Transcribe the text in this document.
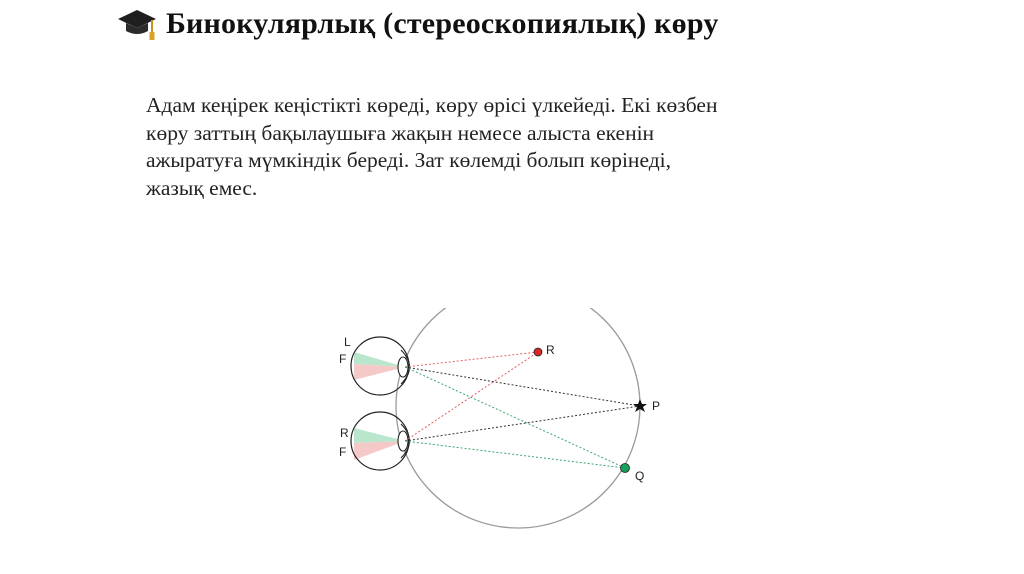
Бинокулярлық (стереоскопиялық) көру
Адам кеңірек кеңістікті көреді, көру өрісі үлкейеді. Екі көзбен
көру заттың бақылаушыға жақын немесе алыста екенін
ажыратуға мүмкіндік береді. Зат көлемді болып көрінеді,
жазық емес.
L
F
R
F
R
P
Q
